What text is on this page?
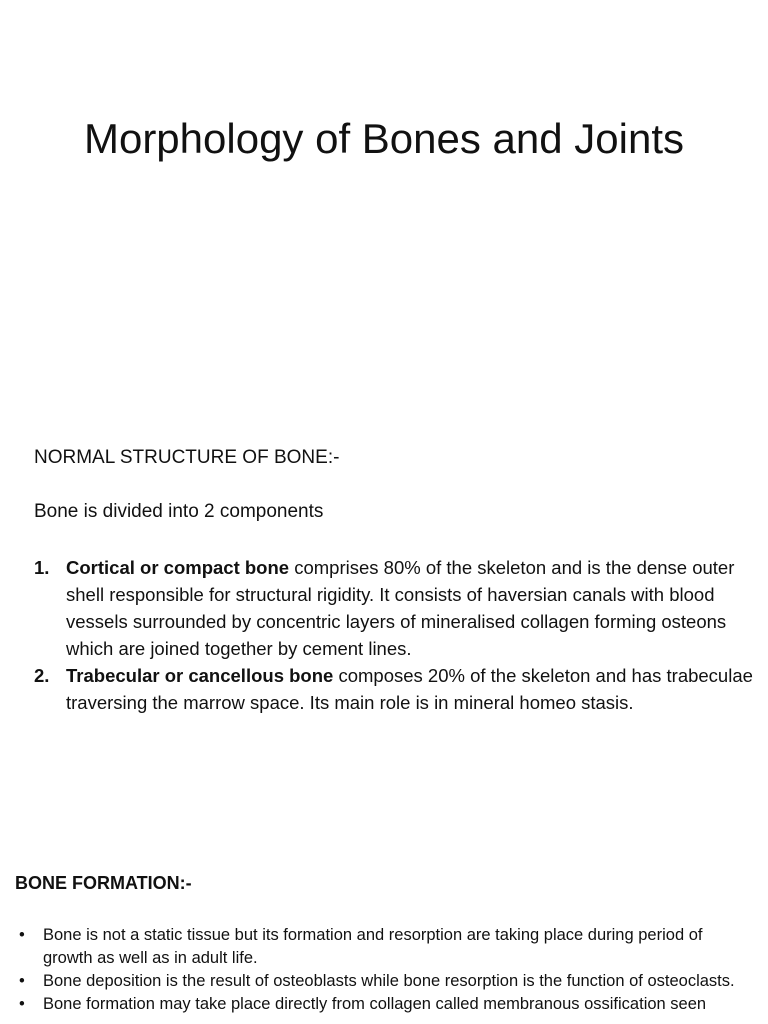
Morphology of Bones and Joints
NORMAL STRUCTURE OF BONE:-
Bone is divided into 2 components
1. Cortical or compact bone comprises 80% of the skeleton and is the dense outer shell responsible for structural rigidity. It consists of haversian canals with blood vessels surrounded by concentric layers of mineralised collagen forming osteons which are joined together by cement lines.
2. Trabecular or cancellous bone composes 20% of the skeleton and has trabeculae traversing the marrow space. Its main role is in mineral homeo stasis.
BONE FORMATION:-
• Bone is not a static tissue but its formation and resorption are taking place during period of growth as well as in adult life.
• Bone deposition is the result of osteoblasts while bone resorption is the function of osteoclasts.
• Bone formation may take place directly from collagen called membranous ossification seen
